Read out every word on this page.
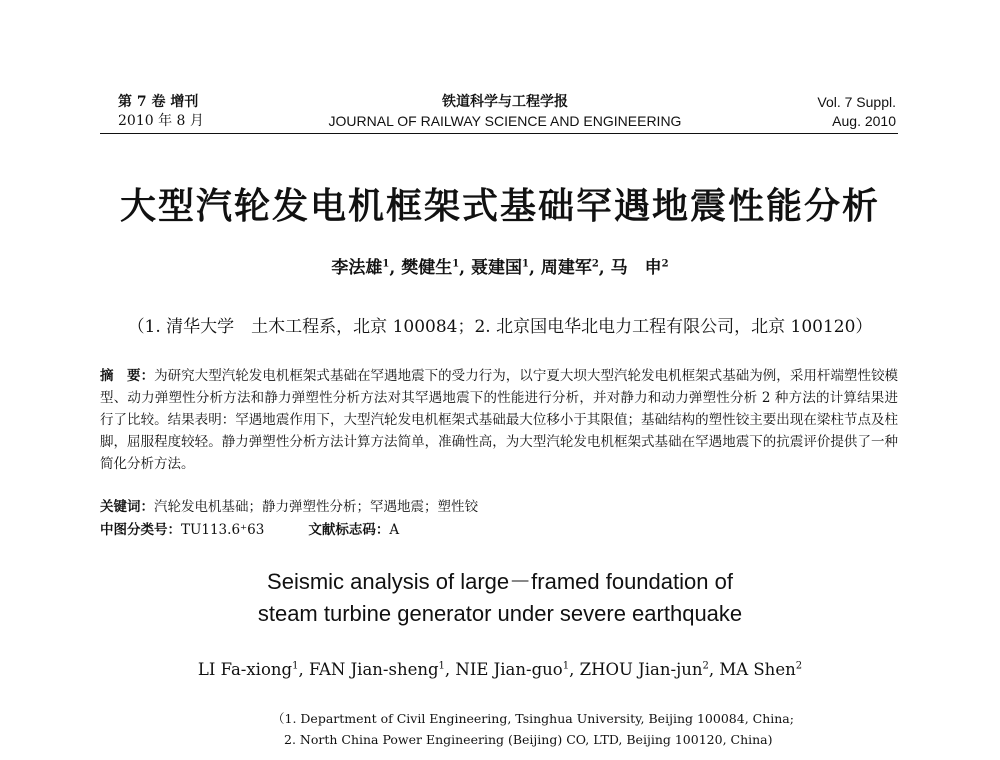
第 7 卷 增刊
2010 年 8 月
铁道科学与工程学报
JOURNAL OF RAILWAY SCIENCE AND ENGINEERING
Vol. 7 Suppl.
Aug. 2010
大型汽轮发电机框架式基础罕遇地震性能分析
李法雄$^1$, 樊健生$^1$, 聂建国$^1$, 周建军$^2$, 马　申$^2$
（1. 清华大学　土木工程系，北京 100084；2. 北京国电华北电力工程有限公司，北京 100120）
摘　要：为研究大型汽轮发电机框架式基础在罕遇地震下的受力行为，以宁夏大坝大型汽轮发电机框架式基础为例，采用杆端塑性铰模型、动力弹塑性分析方法和静力弹塑性分析方法对其罕遇地震下的性能进行分析，并对静力和动力弹塑性分析 2 种方法的计算结果进行了比较。结果表明：罕遇地震作用下，大型汽轮发电机框架式基础最大位移小于其限值；基础结构的塑性铰主要出现在梁柱节点及柱脚，屈服程度较轻。静力弹塑性分析方法计算方法简单，准确性高，为大型汽轮发电机框架式基础在罕遇地震下的抗震评价提供了一种简化分析方法。
关键词：汽轮发电机基础；静力弹塑性分析；罕遇地震；塑性铰
中图分类号：TU113.6⁺63	文献标志码：A
Seismic analysis of large－framed foundation of
steam turbine generator under severe earthquake
LI Fa-xiong$^1$, FAN Jian-sheng$^1$, NIE Jian-guo$^1$, ZHOU Jian-jun$^2$, MA Shen$^2$
（1. Department of Civil Engineering, Tsinghua University, Beijing 100084, China;
2. North China Power Engineering (Beijing) CO, LTD, Beijing 100120, China)
